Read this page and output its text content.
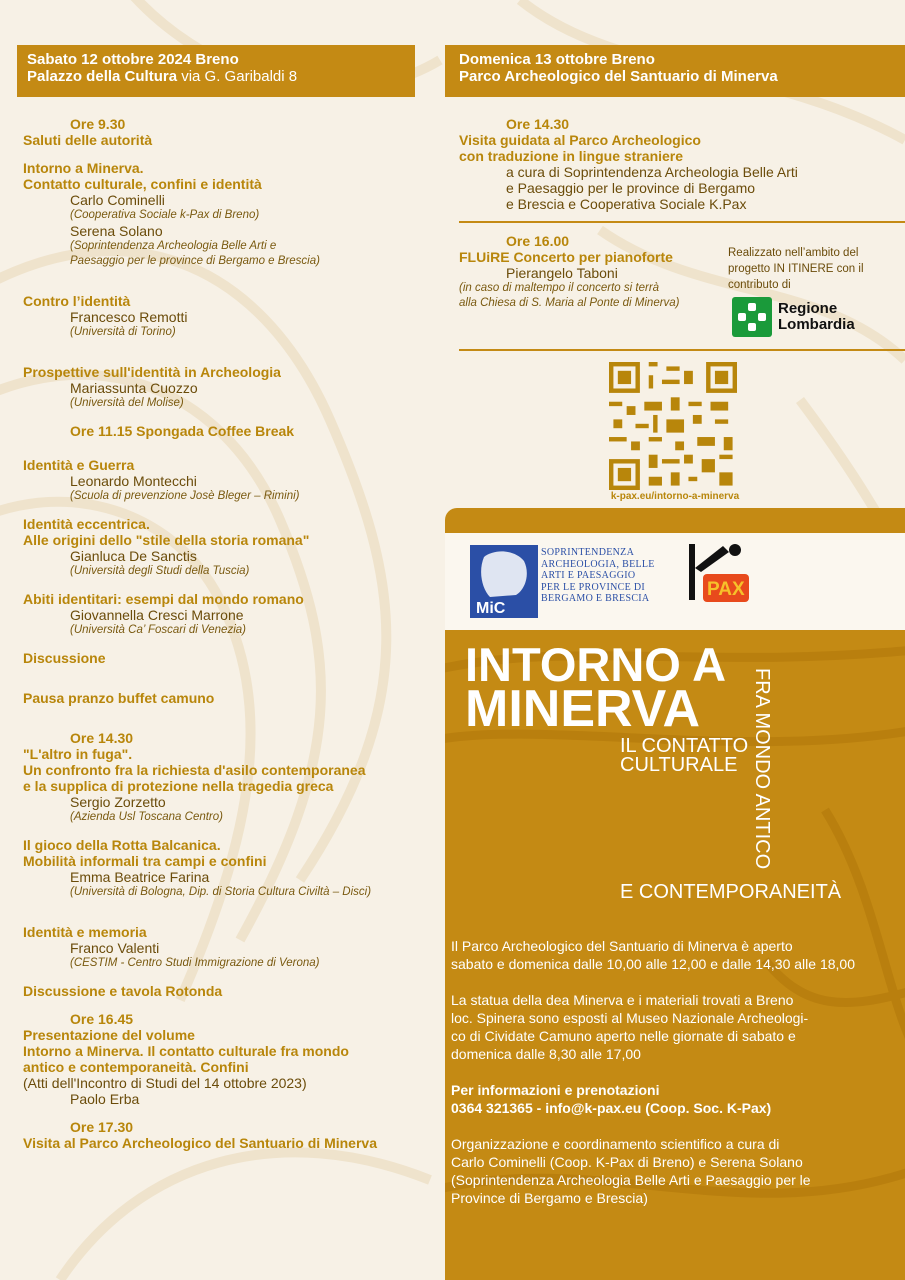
Sabato 12 ottobre 2024 Breno
Palazzo della Cultura via G. Garibaldi 8
Domenica 13 ottobre Breno
Parco Archeologico del Santuario di Minerva
Ore 9.30
Saluti delle autorità
Intorno a Minerva.
Contatto culturale, confini e identità
Carlo Cominelli
(Cooperativa Sociale k-Pax di Breno)
Serena Solano
(Soprintendenza Archeologia Belle Arti e
Paesaggio per le province di Bergamo e Brescia)
Contro l’identità
Francesco Remotti
(Università di Torino)
Prospettive sull'identità in Archeologia
Mariassunta Cuozzo
(Università del Molise)
Ore 11.15 Spongada Coffee Break
Identità e Guerra
Leonardo Montecchi
(Scuola di prevenzione Josè Bleger – Rimini)
Identità eccentrica.
Alle origini dello "stile della storia romana"
Gianluca De Sanctis
(Università degli Studi della Tuscia)
Abiti identitari: esempi dal mondo romano
Giovannella Cresci Marrone
(Università Ca’ Foscari di Venezia)
Discussione
Pausa pranzo buffet camuno
Ore 14.30
"L'altro in fuga".
Un confronto fra la richiesta d'asilo contemporanea
e la supplica di protezione nella tragedia greca
Sergio Zorzetto
(Azienda Usl Toscana Centro)
Il gioco della Rotta Balcanica.
Mobilità informali tra campi e confini
Emma Beatrice Farina
(Università di Bologna, Dip. di Storia Cultura Civiltà – Disci)
Identità e memoria
Franco Valenti
(CESTIM - Centro Studi Immigrazione di Verona)
Discussione e tavola Rotonda
Ore 16.45
Presentazione del volume
Intorno a Minerva. Il contatto culturale fra mondo
antico e contemporaneità. Confini
(Atti dell'Incontro di Studi del 14 ottobre 2023)
Paolo Erba
Ore 17.30
Visita al Parco Archeologico del Santuario di Minerva
Ore 14.30
Visita guidata al Parco Archeologico
con traduzione in lingue straniere
a cura di Soprintendenza Archeologia Belle Arti
e Paesaggio per le province di Bergamo
e Brescia e Cooperativa Sociale K.Pax
Ore 16.00
FLUiRE Concerto per pianoforte
Pierangelo Taboni
(in caso di maltempo il concerto si terrà
alla Chiesa di S. Maria al Ponte di Minerva)
Realizzato nell’ambito del
progetto IN ITINERE con il
contributo di
Regione
Lombardia
k-pax.eu/intorno-a-minerva
MiC
SOPRINTENDENZA
ARCHEOLOGIA, BELLE
ARTI E PAESAGGIO
PER LE PROVINCE DI
BERGAMO E BRESCIA	PAX
INTORNO A
MINERVA
IL CONTATTO
CULTURALE FRA MONDO ANTICO
E CONTEMPORANEITÀ
Il Parco Archeologico del Santuario di Minerva è aperto
sabato e domenica dalle 10,00 alle 12,00 e dalle 14,30 alle 18,00
La statua della dea Minerva e i materiali trovati a Breno
loc. Spinera sono esposti al Museo Nazionale Archeologi-
co di Cividate Camuno aperto nelle giornate di sabato e
domenica dalle 8,30 alle 17,00
Per informazioni e prenotazioni
0364 321365 - info@k-pax.eu (Coop. Soc. K-Pax)
Organizzazione e coordinamento scientifico a cura di
Carlo Cominelli (Coop. K-Pax di Breno) e Serena Solano
(Soprintendenza Archeologia Belle Arti e Paesaggio per le
Province di Bergamo e Brescia)
